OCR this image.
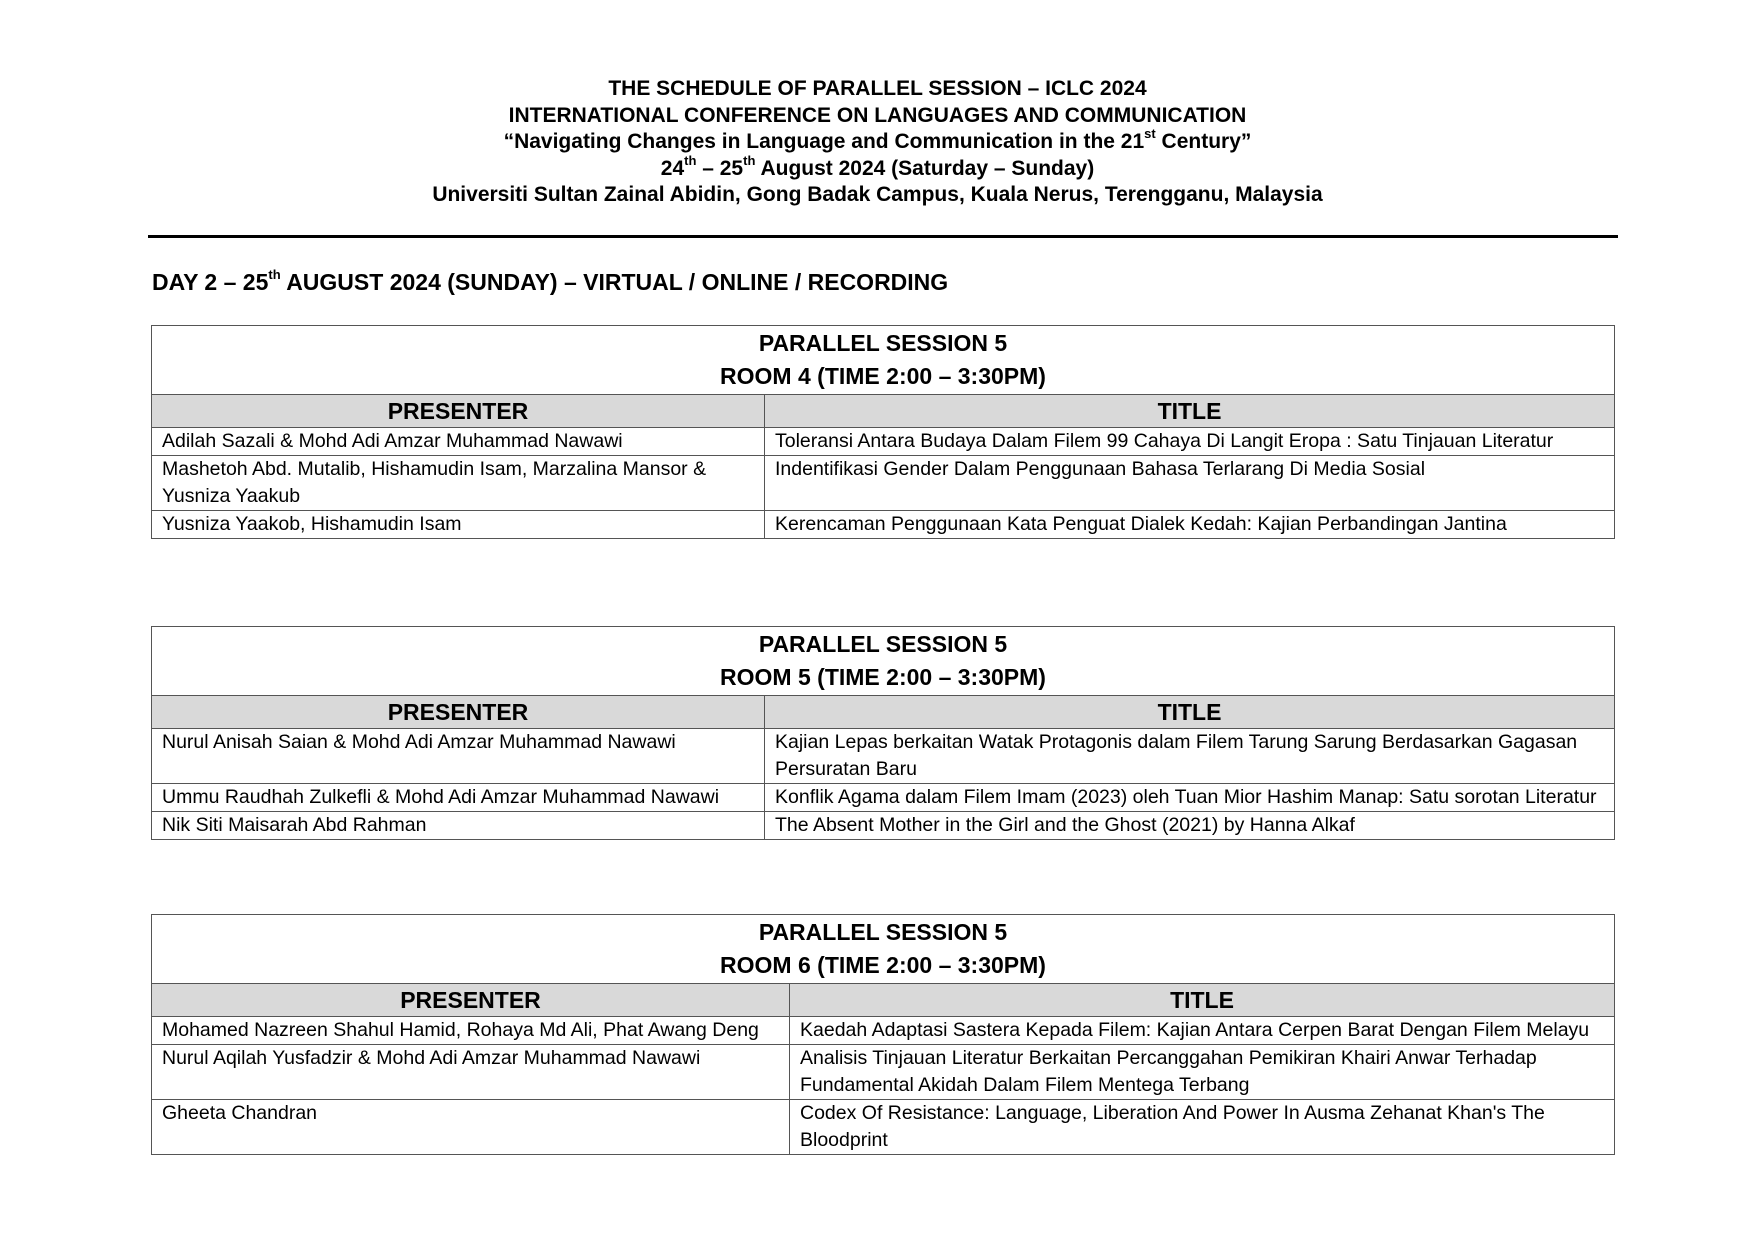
THE SCHEDULE OF PARALLEL SESSION – ICLC 2024
INTERNATIONAL CONFERENCE ON LANGUAGES AND COMMUNICATION
“Navigating Changes in Language and Communication in the 21st Century”
24th – 25th August 2024 (Saturday – Sunday)
Universiti Sultan Zainal Abidin, Gong Badak Campus, Kuala Nerus, Terengganu, Malaysia
DAY 2 – 25th AUGUST 2024 (SUNDAY) – VIRTUAL / ONLINE / RECORDING
PARALLEL SESSION 5
ROOM 4 (TIME 2:00 – 3:30PM)	

PRESENTER	TITLE
Adilah Sazali & Mohd Adi Amzar Muhammad Nawawi	Toleransi Antara Budaya Dalam Filem 99 Cahaya Di Langit Eropa : Satu Tinjauan Literatur
Mashetoh Abd. Mutalib, Hishamudin Isam, Marzalina Mansor & Yusniza Yaakub	Indentifikasi Gender Dalam Penggunaan Bahasa Terlarang Di Media Sosial
Yusniza Yaakob, Hishamudin Isam	Kerencaman Penggunaan Kata Penguat Dialek Kedah: Kajian Perbandingan Jantina
PARALLEL SESSION 5
ROOM 5 (TIME 2:00 – 3:30PM)	

PRESENTER	TITLE
Nurul Anisah Saian & Mohd Adi Amzar Muhammad Nawawi	Kajian Lepas berkaitan Watak Protagonis dalam Filem Tarung Sarung Berdasarkan Gagasan Persuratan Baru
Ummu Raudhah Zulkefli & Mohd Adi Amzar Muhammad Nawawi	Konflik Agama dalam Filem Imam (2023) oleh Tuan Mior Hashim Manap: Satu sorotan Literatur
Nik Siti Maisarah Abd Rahman	The Absent Mother in the Girl and the Ghost (2021) by Hanna Alkaf
PARALLEL SESSION 5
ROOM 6 (TIME 2:00 – 3:30PM)	

PRESENTER	TITLE
Mohamed Nazreen Shahul Hamid, Rohaya Md Ali, Phat Awang Deng	Kaedah Adaptasi Sastera Kepada Filem: Kajian Antara Cerpen Barat Dengan Filem Melayu
Nurul Aqilah Yusfadzir & Mohd Adi Amzar Muhammad Nawawi	Analisis Tinjauan Literatur Berkaitan Percanggahan Pemikiran Khairi Anwar Terhadap Fundamental Akidah Dalam Filem Mentega Terbang
Gheeta Chandran	Codex Of Resistance: Language, Liberation And Power In Ausma Zehanat Khan's The Bloodprint
